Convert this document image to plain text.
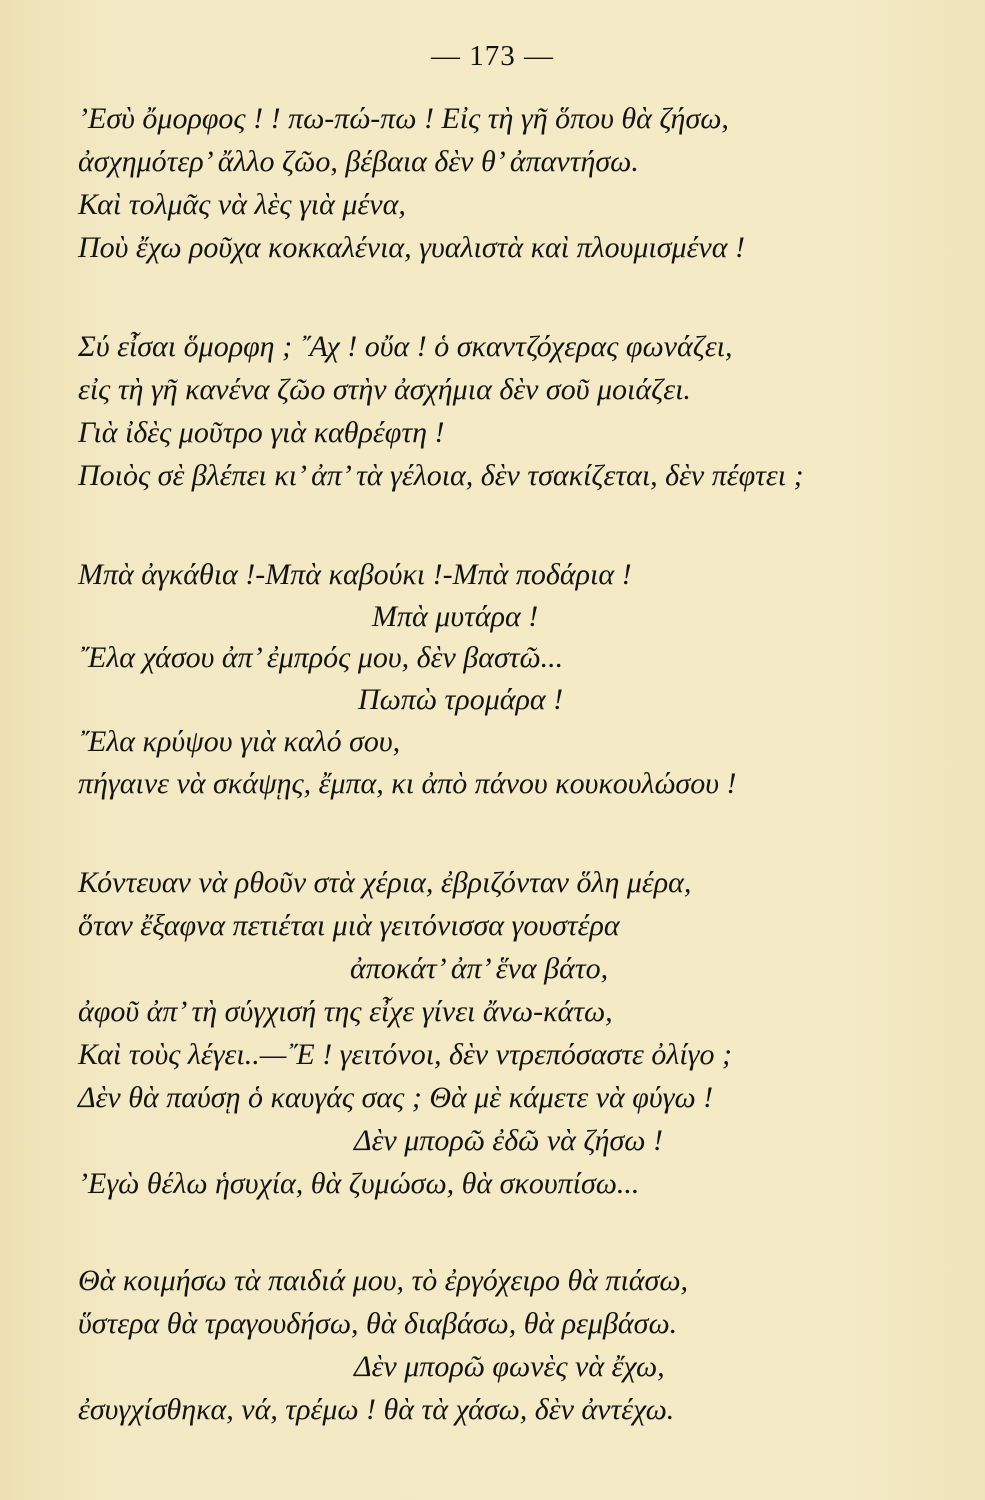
— 173 —
’Εσὺ ὄμορφος ! ! πω-πώ-πω ! Εἰς τὴ γῆ ὅπου θὰ ζήσω,
ἀσχημότερ’ ἄλλο ζῶο, βέβαια δὲν θ’ ἀπαντήσω.
Καὶ τολμᾶς νὰ λὲς γιὰ μένα,
Ποὺ ἔχω ροῦχα κοκκαλένια, γυαλιστὰ καὶ πλουμισμένα !
Σύ εἶσαι ὅμορφη ; ῎Αχ ! οὔα ! ὁ σκαντζόχερας φωνάζει,
εἰς τὴ γῆ κανένα ζῶο στὴν ἀσχήμια δὲν σοῦ μοιάζει.
Γιὰ ἰδὲς μοῦτρο γιὰ καθρέφτη !
Ποιὸς σὲ βλέπει κι’ ἀπ’ τὰ γέλοια, δὲν τσακίζεται, δὲν πέφτει ;
Μπὰ ἀγκάθια !-Μπὰ καβούκι !-Μπὰ ποδάρια !
Μπὰ μυτάρα !
῎Ελα χάσου ἀπ’ ἐμπρός μου, δὲν βαστῶ...
Πωπὼ τρομάρα !
῎Ελα κρύψου γιὰ καλό σου,
πήγαινε νὰ σκάψῃς, ἔμπα, κι ἀπὸ πάνου κουκουλώσου !
Κόντευαν νὰ ρθοῦν στὰ χέρια, ἐβριζόνταν ὅλη μέρα,
ὅταν ἔξαφνα πετιέται μιὰ γειτόνισσα γουστέρα
ἀποκάτ’ ἀπ’ ἕνα βάτο,
ἀφοῦ ἀπ’ τὴ σύγχισή της εἶχε γίνει ἄνω-κάτω,
Καὶ τοὺς λέγει..—῎Ε ! γειτόνοι, δὲν ντρεπόσαστε ὀλίγο ;
Δὲν θὰ παύσῃ ὁ καυγάς σας ; Θὰ μὲ κάμετε νὰ φύγω !
Δὲν μπορῶ ἐδῶ νὰ ζήσω !
’Εγὼ θέλω ἡσυχία, θὰ ζυμώσω, θὰ σκουπίσω...
Θὰ κοιμήσω τὰ παιδιά μου, τὸ ἐργόχειρο θὰ πιάσω,
ὕστερα θὰ τραγουδήσω, θὰ διαβάσω, θὰ ρεμβάσω.
Δὲν μπορῶ φωνὲς νὰ ἔχω,
ἐσυγχίσθηκα, νά, τρέμω ! θὰ τὰ χάσω, δὲν ἀντέχω.
